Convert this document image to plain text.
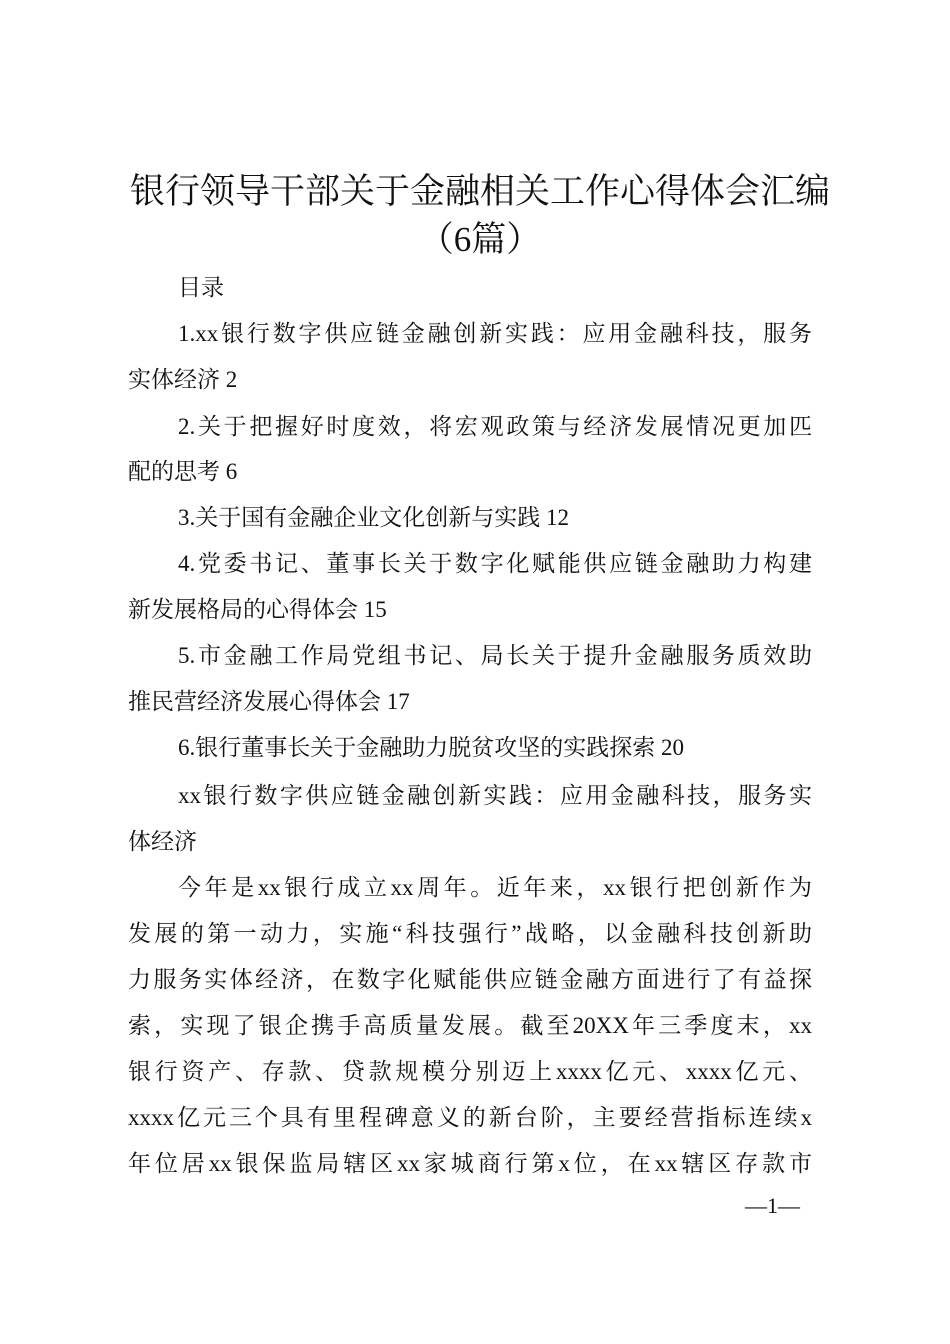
银行领导干部关于金融相关工作心得体会汇编
（6篇）
目录
1.xx银行数字供应链金融创新实践：应用金融科技，服务
实体经济 2
2.关于把握好时度效，将宏观政策与经济发展情况更加匹
配的思考 6
3.关于国有金融企业文化创新与实践 12
4.党委书记、董事长关于数字化赋能供应链金融助力构建
新发展格局的心得体会 15
5.市金融工作局党组书记、局长关于提升金融服务质效助
推民营经济发展心得体会 17
6.银行董事长关于金融助力脱贫攻坚的实践探索 20
xx银行数字供应链金融创新实践：应用金融科技，服务实
体经济
今年是xx银行成立xx周年。近年来，xx银行把创新作为
发展的第一动力，实施“科技强行”战略，以金融科技创新助
力服务实体经济，在数字化赋能供应链金融方面进行了有益探
索，实现了银企携手高质量发展。截至20XX年三季度末，xx
银行资产、存款、贷款规模分别迈上xxxx亿元、xxxx亿元、
xxxx亿元三个具有里程碑意义的新台阶，主要经营指标连续x
年位居xx银保监局辖区xx家城商行第x位，在xx辖区存款市
—1—
